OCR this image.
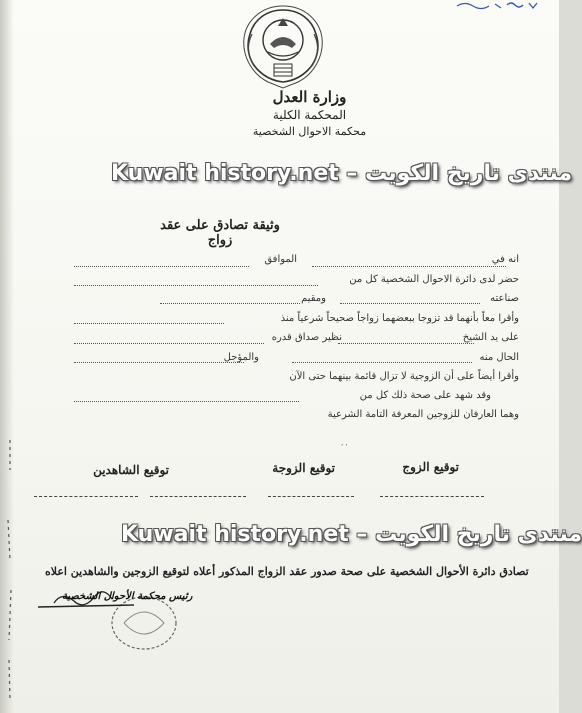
وزارة العدل
المحكمة الكلية
محكمة الاحوال الشخصية
Kuwait history.net – منتدى تاريخ الكويت
وثيقة تصادق على عقد زواج
انه في
الموافق
حضر لدى دائرة الاحوال الشخصية كل من
صناعته
ومقيم
وأقرا معاً بأنهما قد تزوجا ببعضهما زواجاً صحيحاً شرعياً منذ
على يد الشيخ
نظير صداق قدره
الحال منه
والمؤجل
وأقرا أيضاً على أن الزوجية لا تزال قائمة بينهما حتى الآن
وقد شهد على صحة ذلك كل من
وهما العارفان للزوجين المعرفة التامة الشرعية
٠٠
توقيع الزوج
توقيع الزوجة
توقيع الشاهدين
Kuwait history.net – منتدى تاريخ الكويت
تصادق دائرة الأحوال الشخصية على صحة صدور عقد الزواج المذكور أعلاه لتوقيع الزوجين والشاهدين اعلاه
رئيس محكمة الأحوال الشخصية
